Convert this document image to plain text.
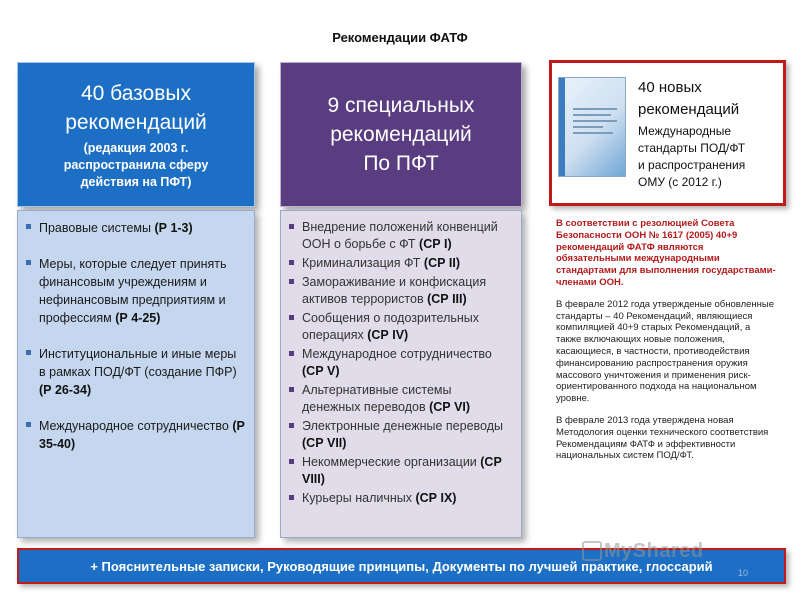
Рекомендации ФАТФ
40 базовых
рекомендаций
(редакция 2003 г.
распространила сферу
действия на ПФТ)
9 специальных
рекомендаций
По ПФТ
40 новых
рекомендаций
Международные
стандарты ПОД/ФТ
и распространения
ОМУ (с 2012 г.)
Правовые системы (Р 1-3)
Меры, которые следует принять финансовым учреждениям и нефинансовым предприятиям и профессиям (Р 4-25)
Институциональные и иные меры в рамках ПОД/ФТ (создание ПФР) (Р 26-34)
Международное сотрудничество (Р 35-40)
Внедрение положений конвенций ООН о борьбе с ФТ (СР I)
Криминализация ФТ (СР II)
Замораживание и конфискация активов террористов (СР III)
Сообщения о подозрительных операциях (СР IV)
Международное сотрудничество (СР V)
Альтернативные системы денежных переводов (СР VI)
Электронные денежные переводы (СР VII)
Некоммерческие организации (СР VIII)
Курьеры наличных (СР IX)
В соответствии с резолюцией Совета Безопасности ООН № 1617 (2005) 40+9 рекомендаций ФАТФ являются обязательными международными стандартами для выполнения государствами-членами ООН.
В феврале 2012 года утвержденые обновленные стандарты – 40 Рекомендаций, являющиеся компиляцией 40+9 старых Рекомендаций, а также включающих новые положения, касающиеся, в частности, противодействия финансированию распространения оружия массового уничтожения и применения риск-ориентированного подхода на национальном уровне.
В феврале 2013 года утверждена новая Методология оценки технического соответствия Рекомендациям ФАТФ и эффективности национальных систем ПОД/ФТ.
+ Пояснительные записки, Руководящие принципы, Документы по лучшей практике, глоссарий
MyShared
10
